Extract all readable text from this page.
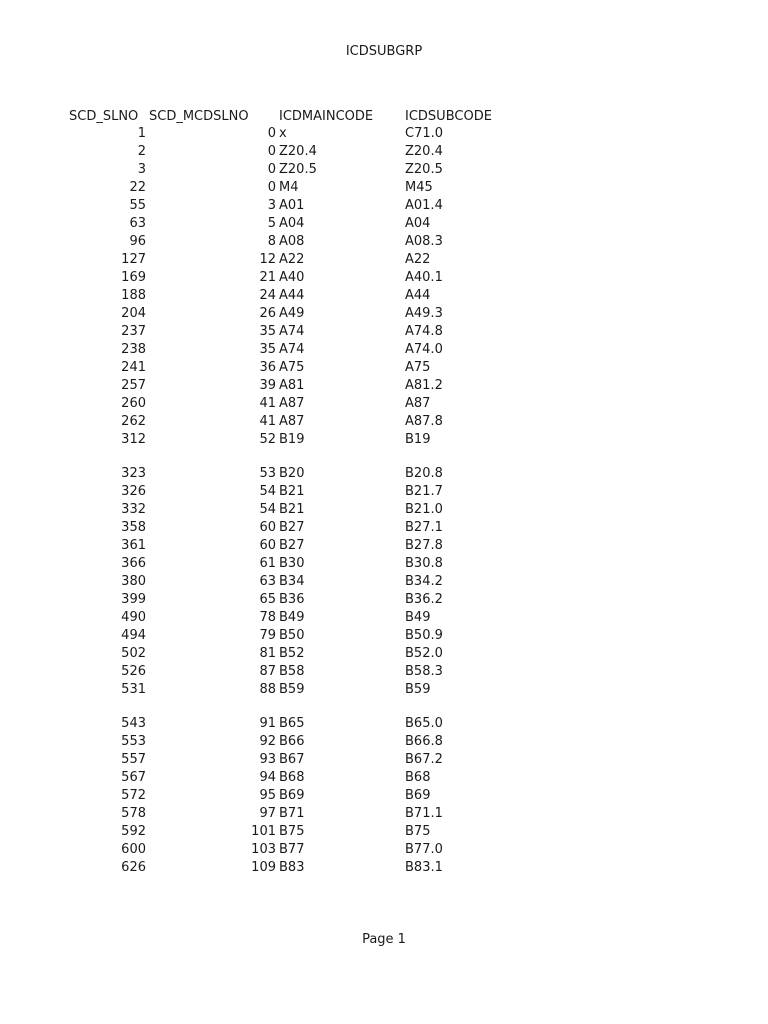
ICDSUBGRP
SCD_SLNO SCD_MCDSLNO ICDMAINCODE ICDSUBCODE
1	0 x	C71.0
2	0 Z20.4	Z20.4
3	0 Z20.5	Z20.5
22	0 M4	M45
55	3 A01	A01.4
63	5 A04	A04
96	8 A08	A08.3
127	12 A22	A22
169	21 A40	A40.1
188	24 A44	A44
204	26 A49	A49.3
237	35 A74	A74.8
238	35 A74	A74.0
241	36 A75	A75
257	39 A81	A81.2
260	41 A87	A87
262	41 A87	A87.8
312	52 B19	B19
323	53 B20	B20.8
326	54 B21	B21.7
332	54 B21	B21.0
358	60 B27	B27.1
361	60 B27	B27.8
366	61 B30	B30.8
380	63 B34	B34.2
399	65 B36	B36.2
490	78 B49	B49
494	79 B50	B50.9
502	81 B52	B52.0
526	87 B58	B58.3
531	88 B59	B59
543	91 B65	B65.0
553	92 B66	B66.8
557	93 B67	B67.2
567	94 B68	B68
572	95 B69	B69
578	97 B71	B71.1
592	101 B75	B75
600	103 B77	B77.0
626	109 B83	B83.1
Page 1
